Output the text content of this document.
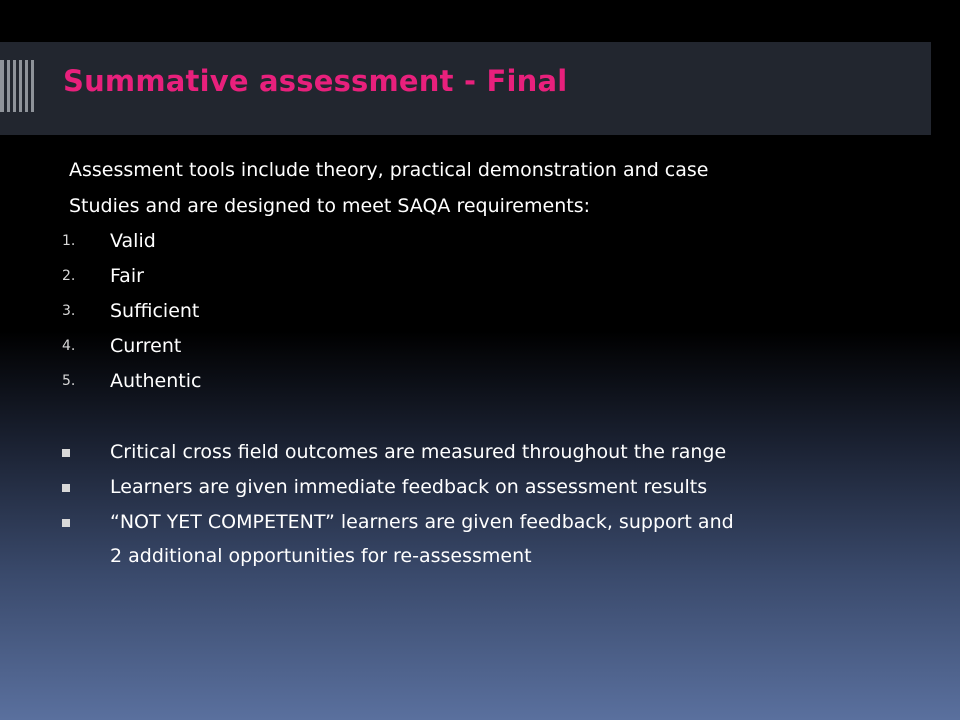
Summative assessment - Final
Assessment tools include theory, practical demonstration and case
Studies and are designed to meet SAQA requirements:
1. Valid
2. Fair
3. Sufficient
4. Current
5. Authentic
Critical cross field outcomes are measured throughout the range
Learners are given immediate feedback on assessment results
“NOT YET COMPETENT” learners are given feedback, support and
2 additional opportunities for re-assessment
